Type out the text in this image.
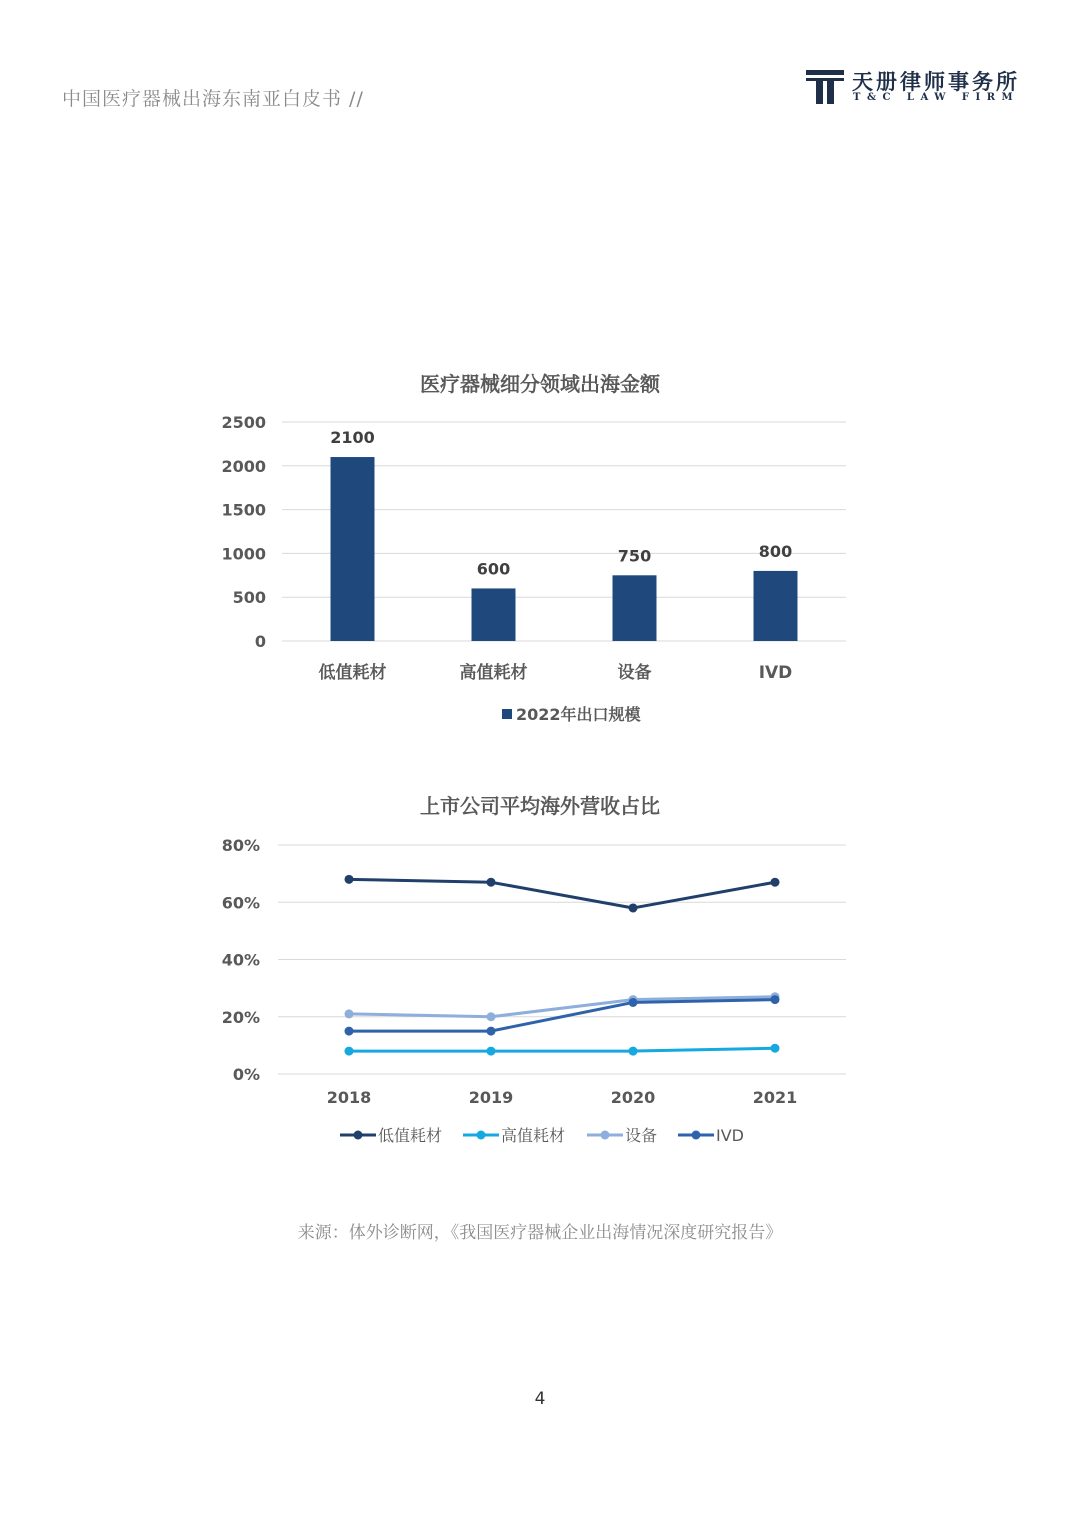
中国医疗器械出海东南亚白皮书 //
天册律师事务所
T&C LAW FIRM
医疗器械细分领域出海金额
0
500
1000
1500
2000
2500
2100
低值耗材
600
高值耗材
750
设备
800
IVD
2022年出口规模
上市公司平均海外营收占比
0%
20%
40%
60%
80%
2018	2019	2020	2021
低值耗材	高值耗材	设备	IVD
来源：体外诊断网，《我国医疗器械企业出海情况深度研究报告》
4
